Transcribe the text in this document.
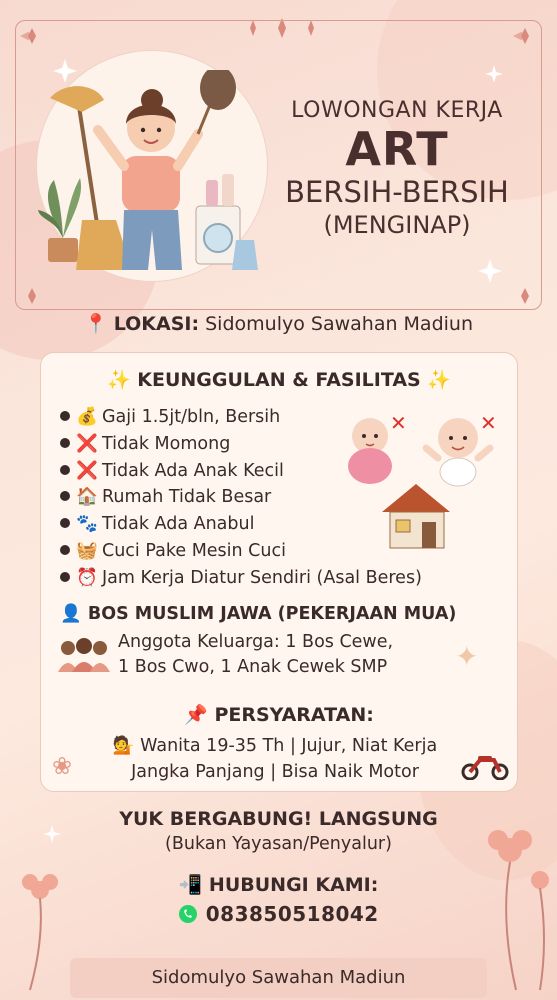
LOWONGAN KERJA
ART
BERSIH-BERSIH
(MENGINAP)
📍 LOKASI: Sidomulyo Sawahan Madiun
✨ KEUNGGULAN & FASILITAS ✨
💰 Gaji 1.5jt/bln, Bersih
❌ Tidak Momong
❌ Tidak Ada Anak Kecil
🏠 Rumah Tidak Besar
🐾 Tidak Ada Anabul
🧺 Cuci Pake Mesin Cuci
⏰ Jam Kerja Diatur Sendiri (Asal Beres)
✕	✕
👤 BOS MUSLIM JAWA (PEKERJAAN MUA)
Anggota Keluarga: 1 Bos Cewe,
1 Bos Cwo, 1 Anak Cewek SMP	✦
📌 PERSYARATAN:
💁 Wanita 19-35 Th | Jujur, Niat Kerja
Jangka Panjang | Bisa Naik Motor
❀
YUK BERGABUNG! LANGSUNG
(Bukan Yayasan/Penyalur)
📲 HUBUNGI KAMI:
083850518042
Sidomulyo Sawahan Madiun
